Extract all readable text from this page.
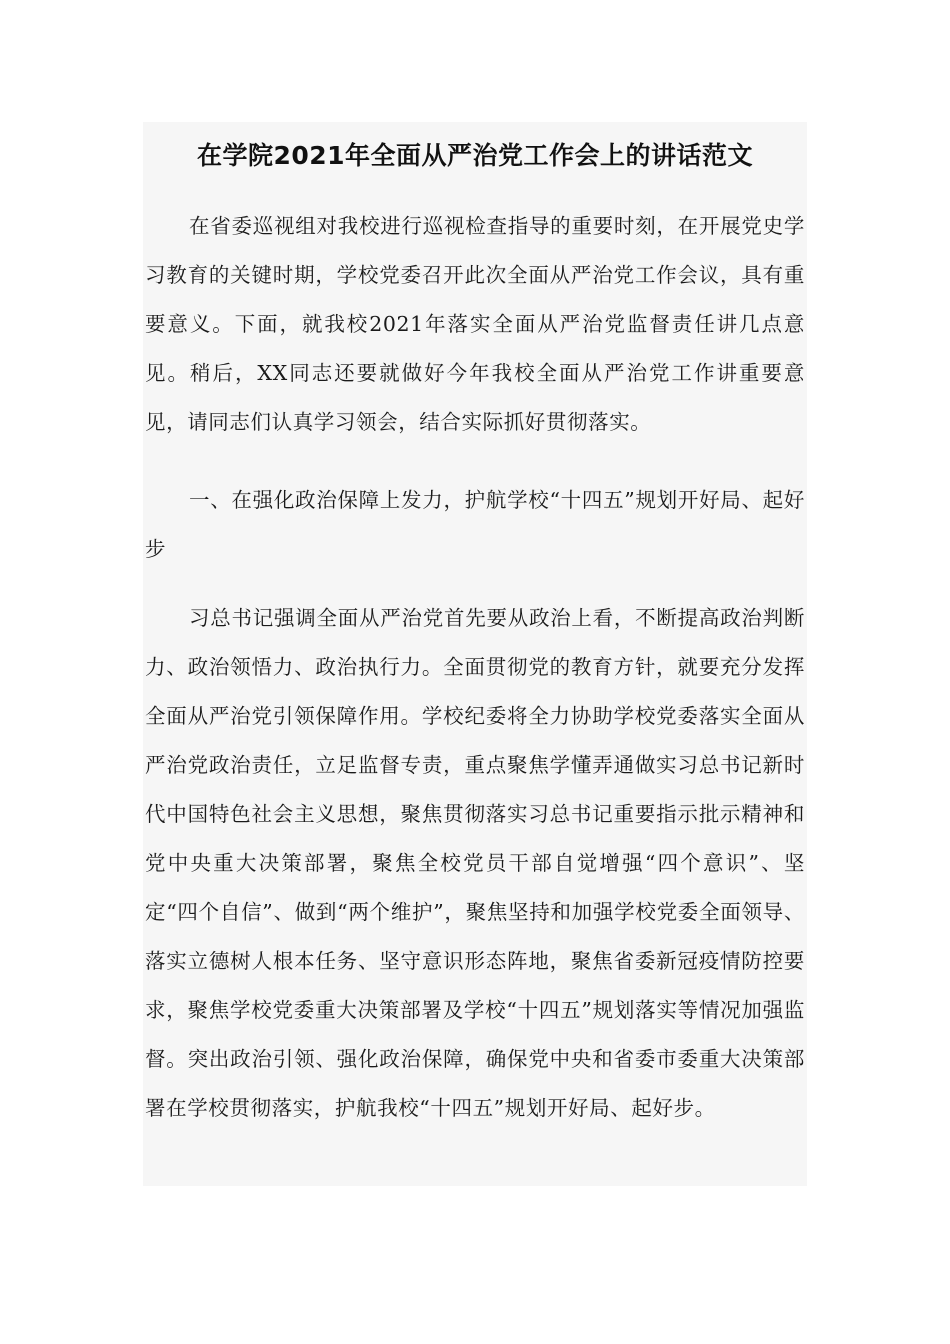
在学院2021年全面从严治党工作会上的讲话范文

在省委巡视组对我校进行巡视检查指导的重要时刻，在开展党史学习教育的关键时期，学校党委召开此次全面从严治党工作会议，具有重要意义。下面，就我校2021年落实全面从严治党监督责任讲几点意见。稍后，XX同志还要就做好今年我校全面从严治党工作讲重要意见，请同志们认真学习领会，结合实际抓好贯彻落实。

一、在强化政治保障上发力，护航学校“十四五”规划开好局、起好步

习总书记强调全面从严治党首先要从政治上看，不断提高政治判断力、政治领悟力、政治执行力。全面贯彻党的教育方针，就要充分发挥全面从严治党引领保障作用。学校纪委将全力协助学校党委落实全面从严治党政治责任，立足监督专责，重点聚焦学懂弄通做实习总书记新时代中国特色社会主义思想，聚焦贯彻落实习总书记重要指示批示精神和党中央重大决策部署，聚焦全校党员干部自觉增强“四个意识”、坚定“四个自信”、做到“两个维护”，聚焦坚持和加强学校党委全面领导、落实立德树人根本任务、坚守意识形态阵地，聚焦省委新冠疫情防控要求，聚焦学校党委重大决策部署及学校“十四五”规划落实等情况加强监督。突出政治引领、强化政治保障，确保党中央和省委市委重大决策部署在学校贯彻落实，护航我校“十四五”规划开好局、起好步。
